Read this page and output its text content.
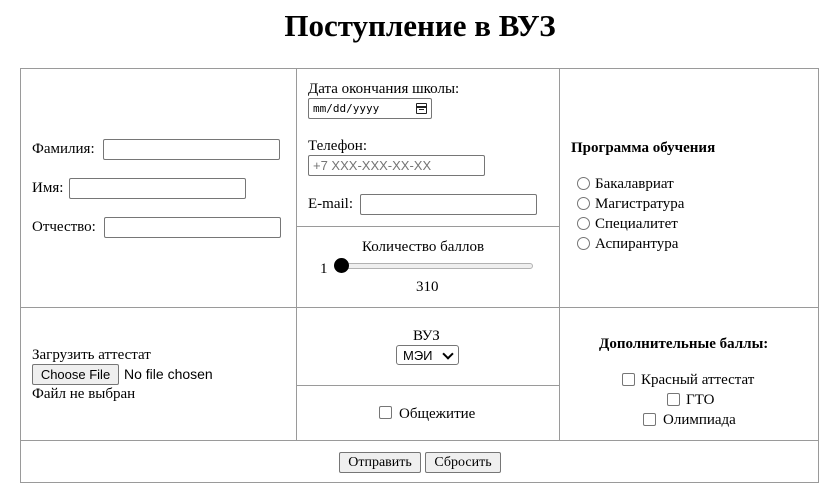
Поступление в ВУЗ
Фамилия:
Имя:
Отчество:
Дата окончания школы:
mm/dd/yyyy
Телефон:
+7 XXX-XXX-XX-XX
E-mail:
Количество баллов
1
310
Программа обучения
Бакалавриат
Магистратура
Специалитет
Аспирантура
Загрузить аттестат
Choose File No file chosen
Файл не выбран
ВУЗ
МЭИ
Общежитие
Дополнительные баллы:
Красный аттестат
ГТО
Олимпиада
Отправить	Сбросить
